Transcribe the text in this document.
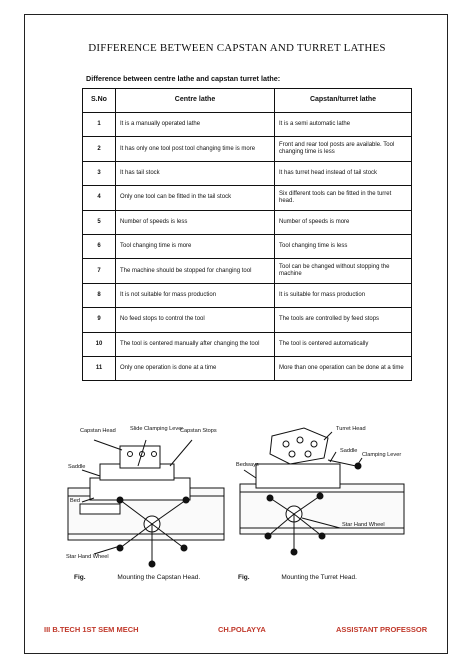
DIFFERENCE BETWEEN CAPSTAN AND TURRET LATHES
Difference between centre lathe and capstan turret lathe:
S.No	Centre lathe	Capstan/turret lathe
1	It is a manually operated lathe	It is a semi automatic lathe
2	It has only one tool post tool changing time is more	Front and rear tool posts are available. Tool changing time is less
3	It has tail stock	It has turret head instead of tail stock
4	Only one tool can be fitted in the tail stock	Six different tools can be fitted in the turret head.
5	Number of speeds is less	Number of speeds is more
6	Tool changing time is more	Tool changing time is less
7	The machine should be stopped for changing tool	Tool can be changed without stopping the machine
8	It is not suitable for mass production	It is suitable for mass production
9	No feed stops to control the tool	The tools are controlled by feed stops
10	The tool is centered manually after changing the tool	The tool is centered automatically
11	Only one operation is done at a time	More than one operation can be done at a time
Capstan Head	Slide Clamping Lever
Capstan Stops
Saddle
Bed
Star Hand Wheel
Turret Head
Saddle
Clamping Lever
Bedways
Star Hand Wheel
Fig.	Mounting the Capstan Head.	Fig.	Mounting the Turret Head.
III B.TECH 1ST SEM MECH	CH.POLAYYA	ASSISTANT PROFESSOR
